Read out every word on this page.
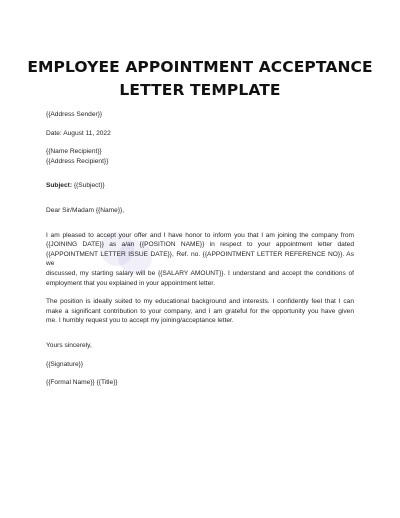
EMPLOYEE APPOINTMENT ACCEPTANCE
LETTER TEMPLATE
{{Address Sender}}
Date: August 11, 2022
{{Name Recipient}}
{{Address Recipient}}
Subject: {{Subject}}
Dear Sir/Madam {{Name}},
I am pleased to accept your offer and I have honor to inform you that I am joining the company from
{{JOINING DATE}} as a/an {{POSITION NAME}} in respect to your appointment letter dated
{{APPOINTMENT LETTER ISSUE DATE}}, Ref. no. {{APPOINTMENT LETTER REFERENCE NO}}. As we
discussed, my starting salary will be {{SALARY AMOUNT}}. I understand and accept the conditions of
employment that you explained in your appointment letter.
The position is ideally suited to my educational background and interests. I confidently feel that I can
make a significant contribution to your company, and I am grateful for the opportunity you have given
me. I humbly request you to accept my joining/acceptance letter.
Yours sincerely,
{{Signature}}
{{Formal Name}} {{Title}}
